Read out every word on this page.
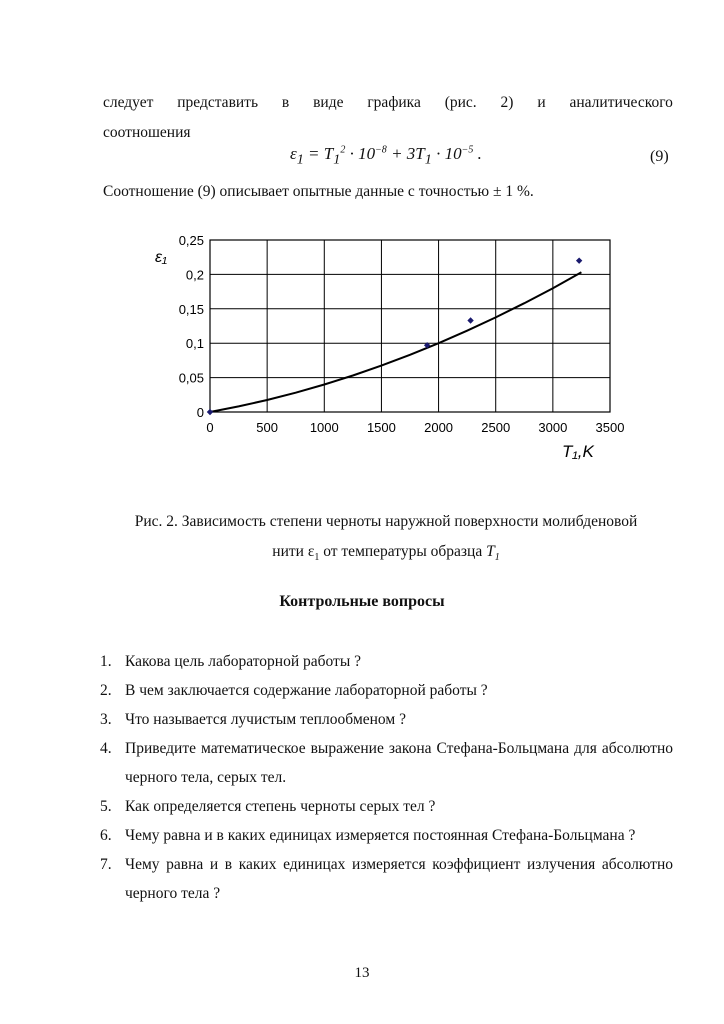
следует представить в виде графика (рис. 2) и аналитического
соотношения
$\varepsilon_1 = T_1^2 \cdot 10^{-8} + 3T_1 \cdot 10^{-5}$ .	(9)
Соотношение (9) описывает опытные данные с точностью ± 1 %.
0	500 1000 1500 2000 2500 3000 3500
0
0,05
0,1
0,15
0,2
0,25
ε₁
T₁,K
Рис. 2. Зависимость степени черноты наружной поверхности молибденовой
нити $\varepsilon_1$ от температуры образца $T_1$
Контрольные вопросы
1. Какова цель лабораторной работы ?
2. В чем заключается содержание лабораторной работы ?
3. Что называется лучистым теплообменом ?
4. Приведите математическое выражение закона Стефана-Больцмана для абсолютно черного тела, серых тел.
5. Как определяется степень черноты серых тел ?
6. Чему равна и в каких единицах измеряется постоянная Стефана-Больцмана ?
7. Чему равна и в каких единицах измеряется коэффициент излучения абсолютно черного тела ?
13
